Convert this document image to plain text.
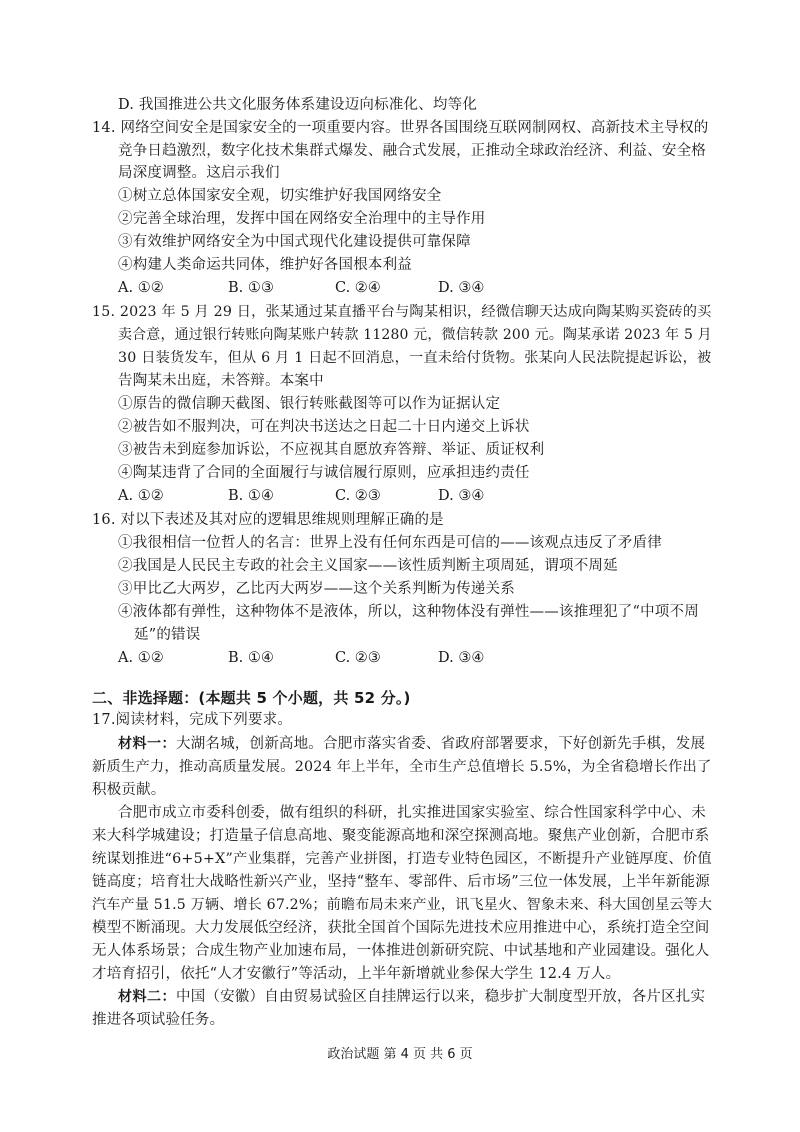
D. 我国推进公共文化服务体系建设迈向标准化、均等化
14. 网络空间安全是国家安全的一项重要内容。世界各国围绕互联网制网权、高新技术主导权的
竞争日趋激烈，数字化技术集群式爆发、融合式发展，正推动全球政治经济、利益、安全格
局深度调整。这启示我们
①树立总体国家安全观，切实维护好我国网络安全
②完善全球治理，发挥中国在网络安全治理中的主导作用
③有效维护网络安全为中国式现代化建设提供可靠保障
④构建人类命运共同体，维护好各国根本利益
A. ①②	B. ①③	C. ②④	D. ③④
15. 2023 年 5 月 29 日，张某通过某直播平台与陶某相识，经微信聊天达成向陶某购买瓷砖的买
卖合意，通过银行转账向陶某账户转款 11280 元，微信转款 200 元。陶某承诺 2023 年 5 月
30 日装货发车，但从 6 月 1 日起不回消息，一直未给付货物。张某向人民法院提起诉讼，被
告陶某未出庭，未答辩。本案中
①原告的微信聊天截图、银行转账截图等可以作为证据认定
②被告如不服判决，可在判决书送达之日起二十日内递交上诉状
③被告未到庭参加诉讼，不应视其自愿放弃答辩、举证、质证权利
④陶某违背了合同的全面履行与诚信履行原则，应承担违约责任
A. ①②	B. ①④	C. ②③	D. ③④
16. 对以下表述及其对应的逻辑思维规则理解正确的是
①我很相信一位哲人的名言：世界上没有任何东西是可信的——该观点违反了矛盾律
②我国是人民民主专政的社会主义国家——该性质判断主项周延，谓项不周延
③甲比乙大两岁，乙比丙大两岁——这个关系判断为传递关系
④液体都有弹性，这种物体不是液体，所以，这种物体没有弹性——该推理犯了“中项不周
延”的错误
A. ①②	B. ①④	C. ②③	D. ③④
二、非选择题：(本题共 5 个小题，共 52 分。)
17.阅读材料，完成下列要求。
材料一：大湖名城，创新高地。合肥市落实省委、省政府部署要求，下好创新先手棋，发展
新质生产力，推动高质量发展。2024 年上半年，全市生产总值增长 5.5%，为全省稳增长作出了
积极贡献。
合肥市成立市委科创委，做有组织的科研，扎实推进国家实验室、综合性国家科学中心、未
来大科学城建设；打造量子信息高地、聚变能源高地和深空探测高地。聚焦产业创新，合肥市系
统谋划推进“6+5+X”产业集群，完善产业拼图，打造专业特色园区，不断提升产业链厚度、价值
链高度；培育壮大战略性新兴产业，坚持“整车、零部件、后市场”三位一体发展，上半年新能源
汽车产量 51.5 万辆、增长 67.2%；前瞻布局未来产业，讯飞星火、智象未来、科大国创星云等大
模型不断涌现。大力发展低空经济，获批全国首个国际先进技术应用推进中心，系统打造全空间
无人体系场景；合成生物产业加速布局，一体推进创新研究院、中试基地和产业园建设。强化人
才培育招引，依托“人才安徽行”等活动，上半年新增就业参保大学生 12.4 万人。
材料二：中国（安徽）自由贸易试验区自挂牌运行以来，稳步扩大制度型开放，各片区扎实
推进各项试验任务。
政治试题 第 4 页 共 6 页
